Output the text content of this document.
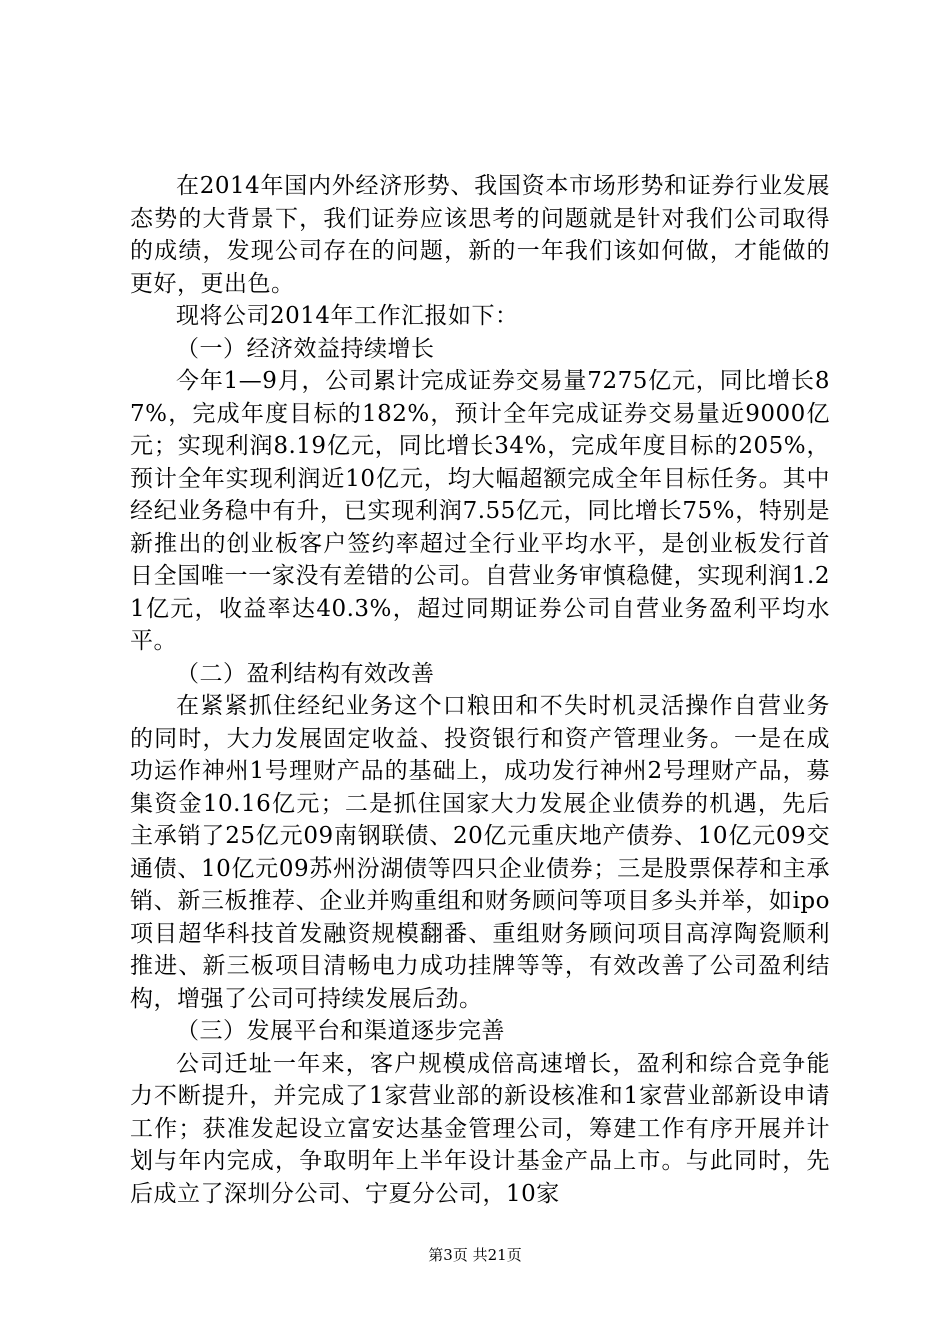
在2014年国内外经济形势、我国资本市场形势和证券行业发展态势的大背景下，我们证券应该思考的问题就是针对我们公司取得的成绩，发现公司存在的问题，新的一年我们该如何做，才能做的更好，更出色。

现将公司2014年工作汇报如下：

（一）经济效益持续增长

今年1—9月，公司累计完成证券交易量7275亿元，同比增长87%，完成年度目标的182%，预计全年完成证券交易量近9000亿元；实现利润8.19亿元，同比增长34%，完成年度目标的205%，预计全年实现利润近10亿元，均大幅超额完成全年目标任务。其中经纪业务稳中有升，已实现利润7.55亿元，同比增长75%，特别是新推出的创业板客户签约率超过全行业平均水平，是创业板发行首日全国唯一一家没有差错的公司。自营业务审慎稳健，实现利润1.21亿元，收益率达40.3%，超过同期证券公司自营业务盈利平均水平。

（二）盈利结构有效改善

在紧紧抓住经纪业务这个口粮田和不失时机灵活操作自营业务的同时，大力发展固定收益、投资银行和资产管理业务。一是在成功运作神州1号理财产品的基础上，成功发行神州2号理财产品，募集资金10.16亿元；二是抓住国家大力发展企业债券的机遇，先后主承销了25亿元09南钢联债、20亿元重庆地产债券、10亿元09交通债、10亿元09苏州汾湖债等四只企业债券；三是股票保荐和主承销、新三板推荐、企业并购重组和财务顾问等项目多头并举，如ipo项目超华科技首发融资规模翻番、重组财务顾问项目高淳陶瓷顺利推进、新三板项目清畅电力成功挂牌等等，有效改善了公司盈利结构，增强了公司可持续发展后劲。

（三）发展平台和渠道逐步完善

公司迁址一年来，客户规模成倍高速增长，盈利和综合竞争能力不断提升，并完成了1家营业部的新设核准和1家营业部新设申请工作；获准发起设立富安达基金管理公司，筹建工作有序开展并计划与年内完成，争取明年上半年设计基金产品上市。与此同时，先后成立了深圳分公司、宁夏分公司，10家

第3页 共21页
